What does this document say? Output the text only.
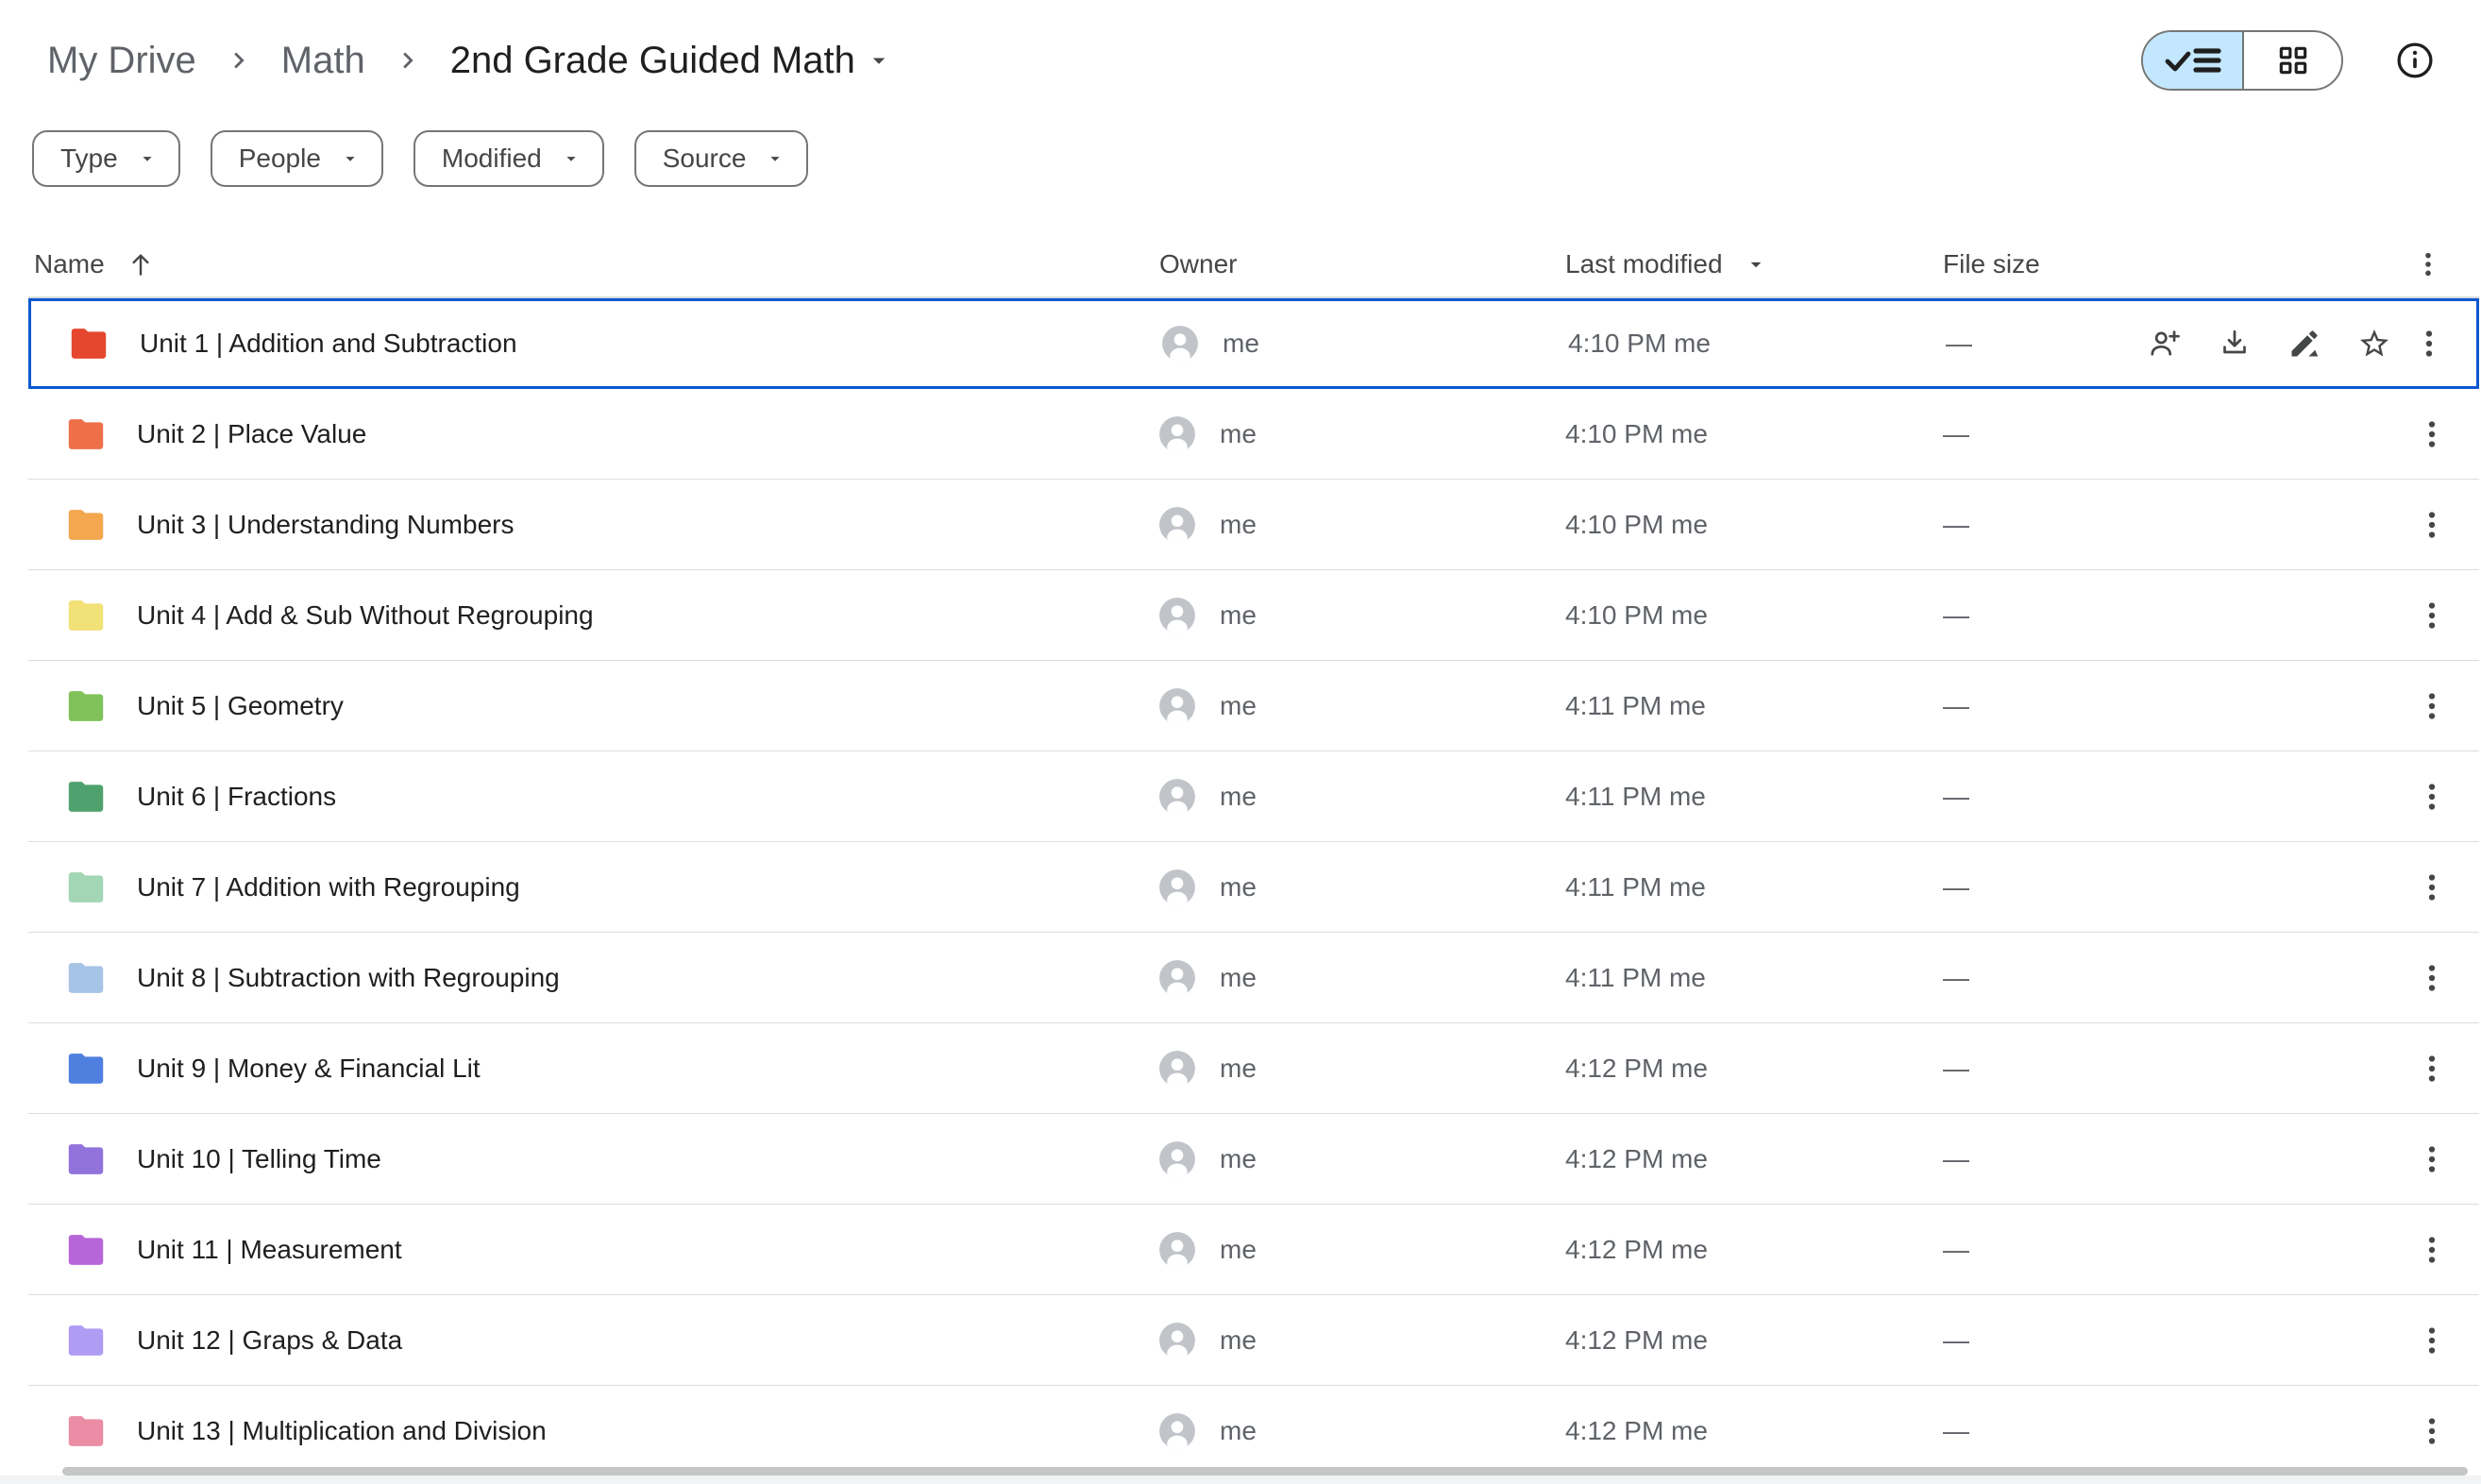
My Drive	Math	2nd Grade Guided Math
Type	People	Modified	Source
Name	Owner	Last modified	File size
Unit 1 | Addition and Subtraction	me	4:10 PM me	—
Unit 2 | Place Value	me	4:10 PM me	—
Unit 3 | Understanding Numbers	me	4:10 PM me	—
Unit 4 | Add & Sub Without Regrouping	me	4:10 PM me	—
Unit 5 | Geometry	me	4:11 PM me	—
Unit 6 | Fractions	me	4:11 PM me	—
Unit 7 | Addition with Regrouping	me	4:11 PM me	—
Unit 8 | Subtraction with Regrouping	me	4:11 PM me	—
Unit 9 | Money & Financial Lit	me	4:12 PM me	—
Unit 10 | Telling Time	me	4:12 PM me	—
Unit 11 | Measurement	me	4:12 PM me	—
Unit 12 | Graps & Data	me	4:12 PM me	—
Unit 13 | Multiplication and Division	me	4:12 PM me	—
